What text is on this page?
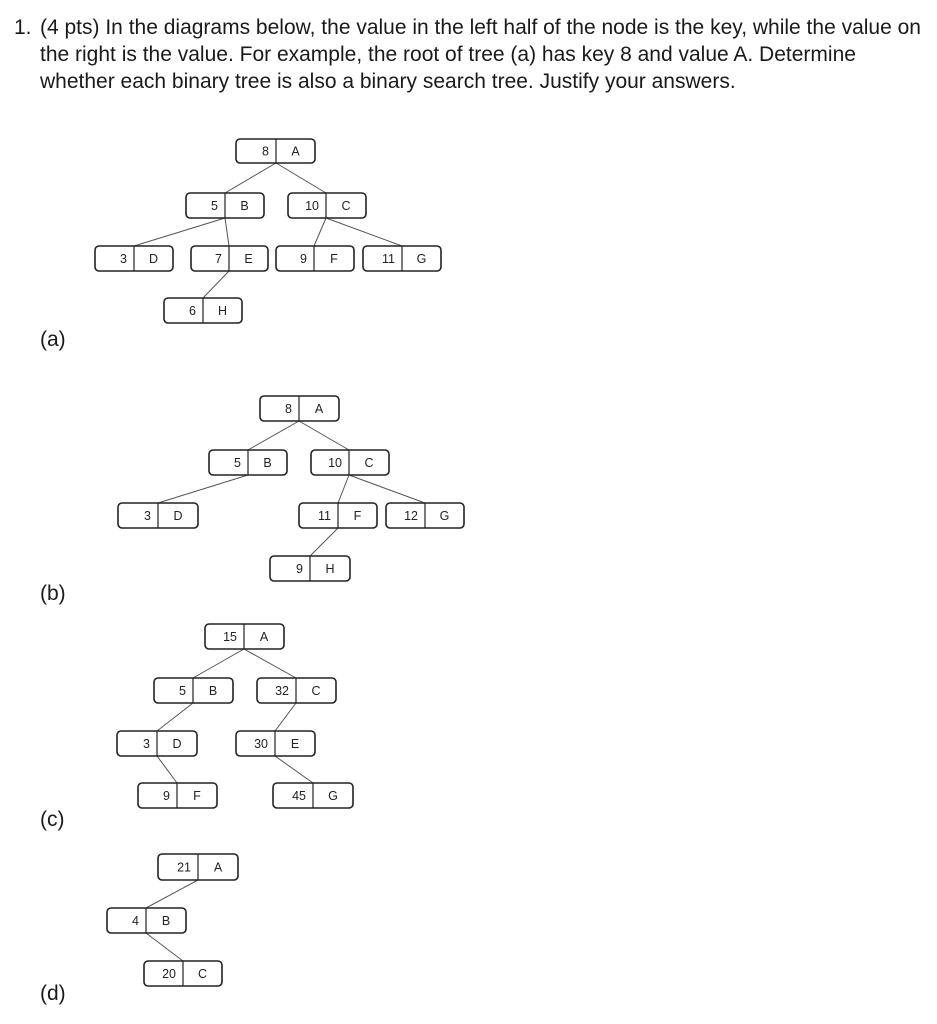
1. (4 pts) In the diagrams below, the value in the left half of the node is the key, while the value on the right is the value. For example, the root of tree (a) has key 8 and value A. Determine whether each binary tree is also a binary search tree. Justify your answers.

(a)
(b)
(c)
(d)
8 A
5 B	10 C
3 D	7 E	9 F	11 G
6 H
8 A
5 B	10 C
3 D	11 F	12 G
9 H
15 A
5 B	32 C
3 D	30 E
9 F	45 G
21 A
4 B
20 C
